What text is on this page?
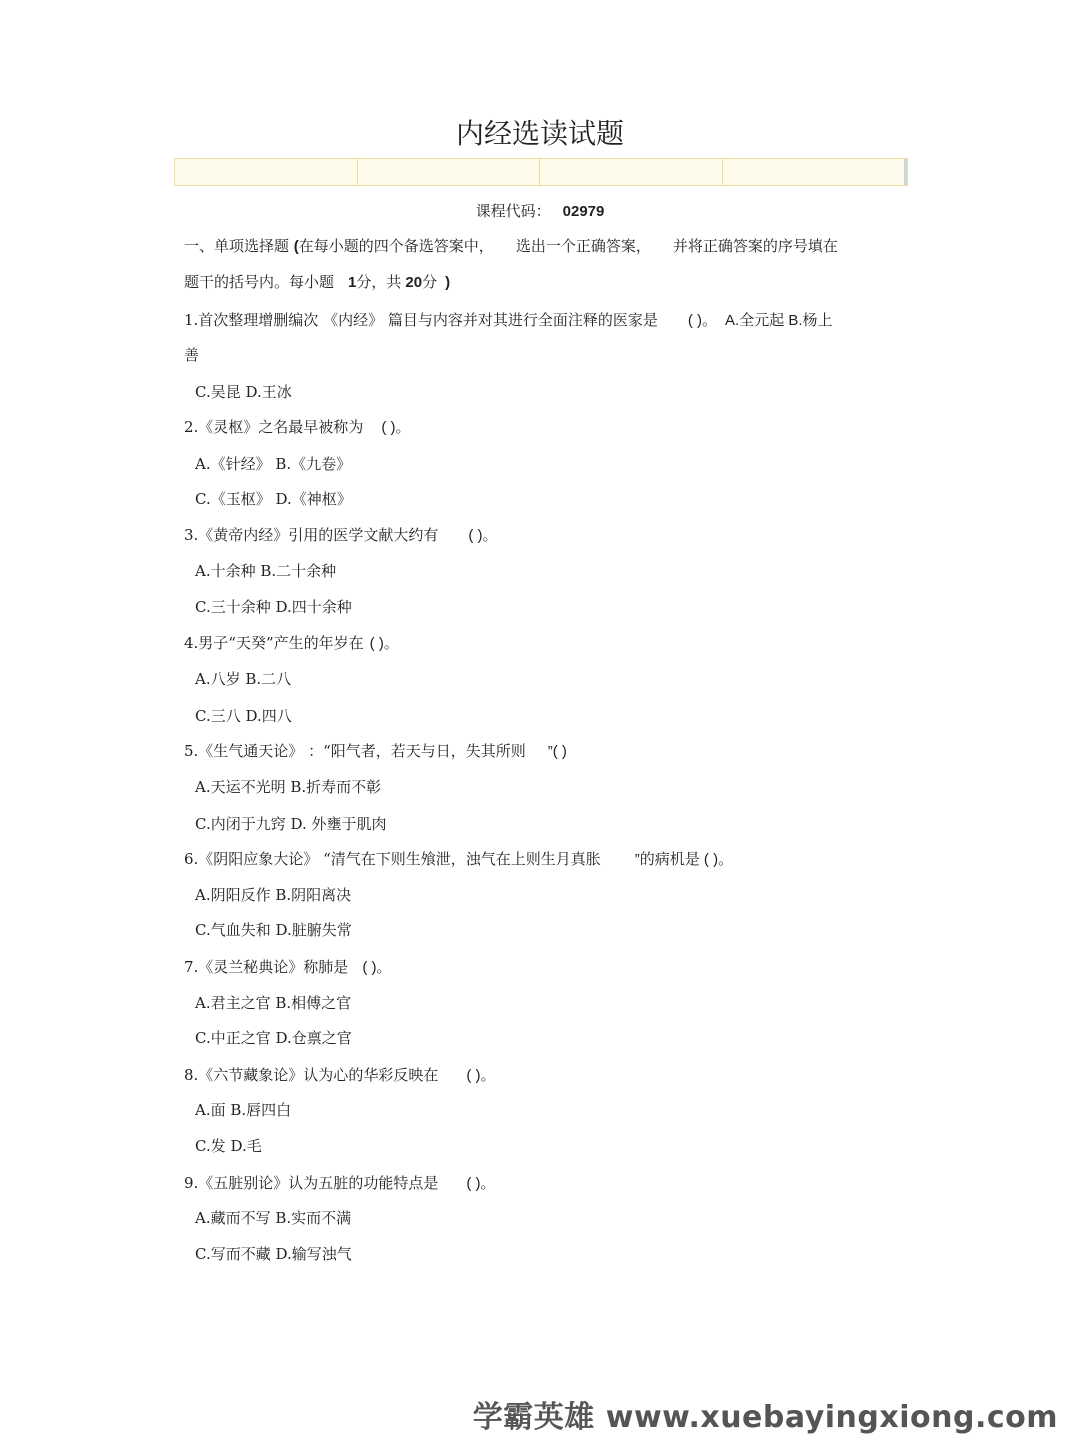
内经选读试题
课程代码： 02979
一、单项选择题 (在每小题的四个备选答案中， 选出一个正确答案， 并将正确答案的序号填在
题干的括号内。每小题 1分，共 20分 )
1.首次整理增删编次 《内经》 篇目与内容并对其进行全面注释的医家是 ( )。 A.全元起 B.杨上
善
C.吴昆 D.王冰
2.《灵枢》之名最早被称为 ( )。
A.《针经》 B.《九卷》
C.《玉枢》 D.《神枢》
3.《黄帝内经》引用的医学文献大约有 ( )。
A.十余种 B.二十余种
C.三十余种 D.四十余种
4.男子“天癸”产生的年岁在 ( )。
A.八岁 B.二八
C.三八 D.四八
5.《生气通天论》 ：“阳气者，若天与日，失其所则 ”( )
A.天运不光明 B.折寿而不彰
C.内闭于九窍 D. 外壅于肌肉
6.《阴阳应象大论》 “清气在下则生飧泄，浊气在上则生月真胀 ”的病机是 ( )。
A.阴阳反作 B.阴阳离决
C.气血失和 D.脏腑失常
7.《灵兰秘典论》称肺是 ( )。
A.君主之官 B.相傅之官
C.中正之官 D.仓禀之官
8.《六节藏象论》认为心的华彩反映在 ( )。
A.面 B.唇四白
C.发 D.毛
9.《五脏别论》认为五脏的功能特点是 ( )。
A.藏而不写 B.实而不满
C.写而不藏 D.输写浊气
学霸英雄 www.xuebayingxiong.com
